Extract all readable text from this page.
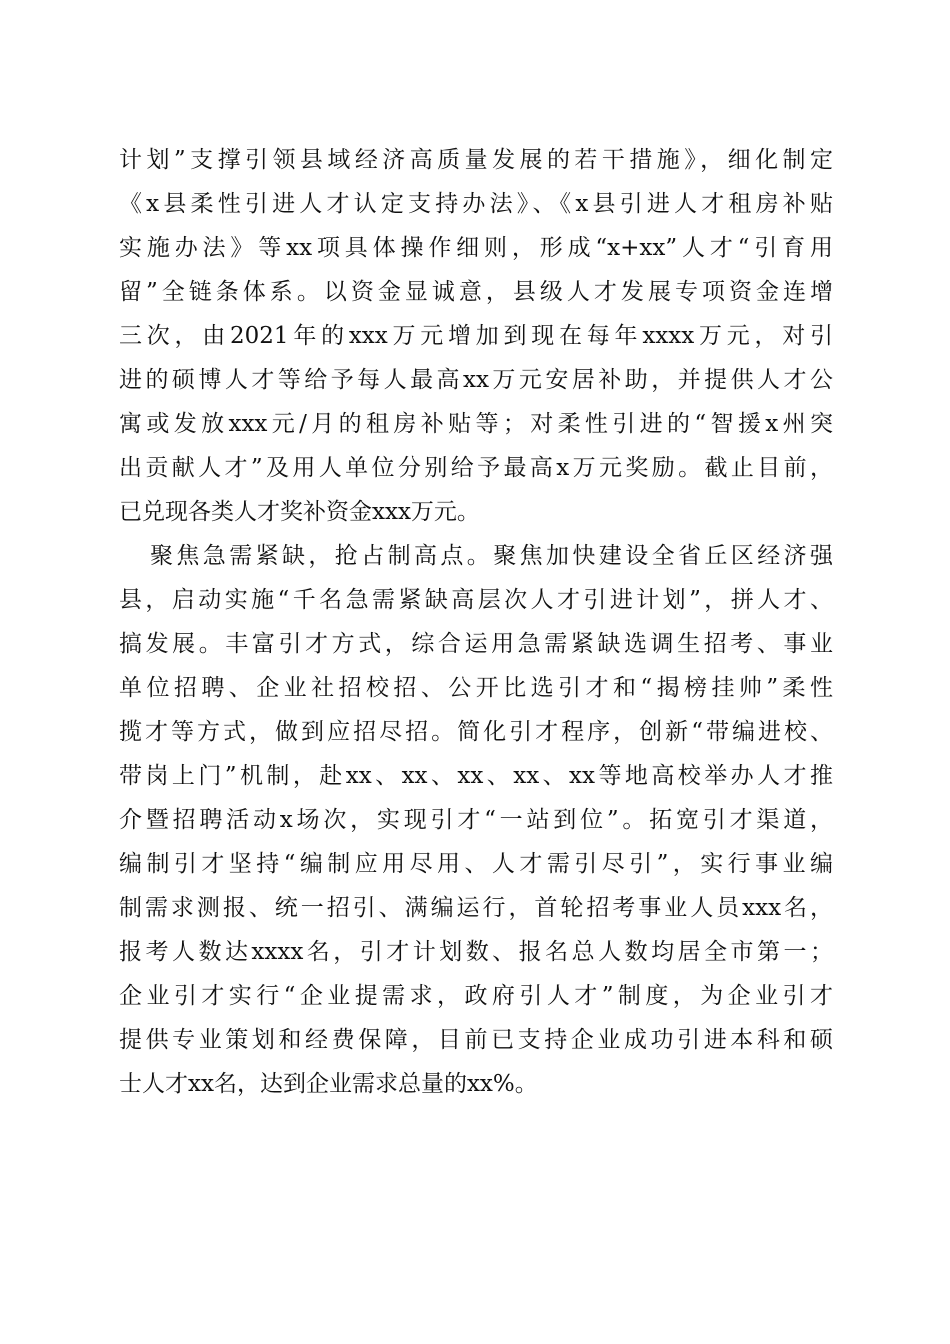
计划”支撑引领县域经济高质量发展的若干措施》，细化制定
《x县柔性引进人才认定支持办法》、《x县引进人才租房补贴
实施办法》等xx项具体操作细则，形成“x+xx”人才“引育用
留”全链条体系。以资金显诚意，县级人才发展专项资金连增
三次，由2021年的xxx万元增加到现在每年xxxx万元，对引
进的硕博人才等给予每人最高xx万元安居补助，并提供人才公
寓或发放xxx元/月的租房补贴等；对柔性引进的“智援x州突
出贡献人才”及用人单位分别给予最高x万元奖励。截止目前，
已兑现各类人才奖补资金xxx万元。
聚焦急需紧缺，抢占制高点。聚焦加快建设全省丘区经济强
县，启动实施“千名急需紧缺高层次人才引进计划”，拼人才、
搞发展。丰富引才方式，综合运用急需紧缺选调生招考、事业
单位招聘、企业社招校招、公开比选引才和“揭榜挂帅”柔性
揽才等方式，做到应招尽招。简化引才程序，创新“带编进校、
带岗上门”机制，赴xx、xx、xx、xx、xx等地高校举办人才推
介暨招聘活动x场次，实现引才“一站到位”。拓宽引才渠道，
编制引才坚持“编制应用尽用、人才需引尽引”，实行事业编
制需求测报、统一招引、满编运行，首轮招考事业人员xxx名，
报考人数达xxxx名，引才计划数、报名总人数均居全市第一；
企业引才实行“企业提需求，政府引人才”制度，为企业引才
提供专业策划和经费保障，目前已支持企业成功引进本科和硕
士人才xx名，达到企业需求总量的xx%。
